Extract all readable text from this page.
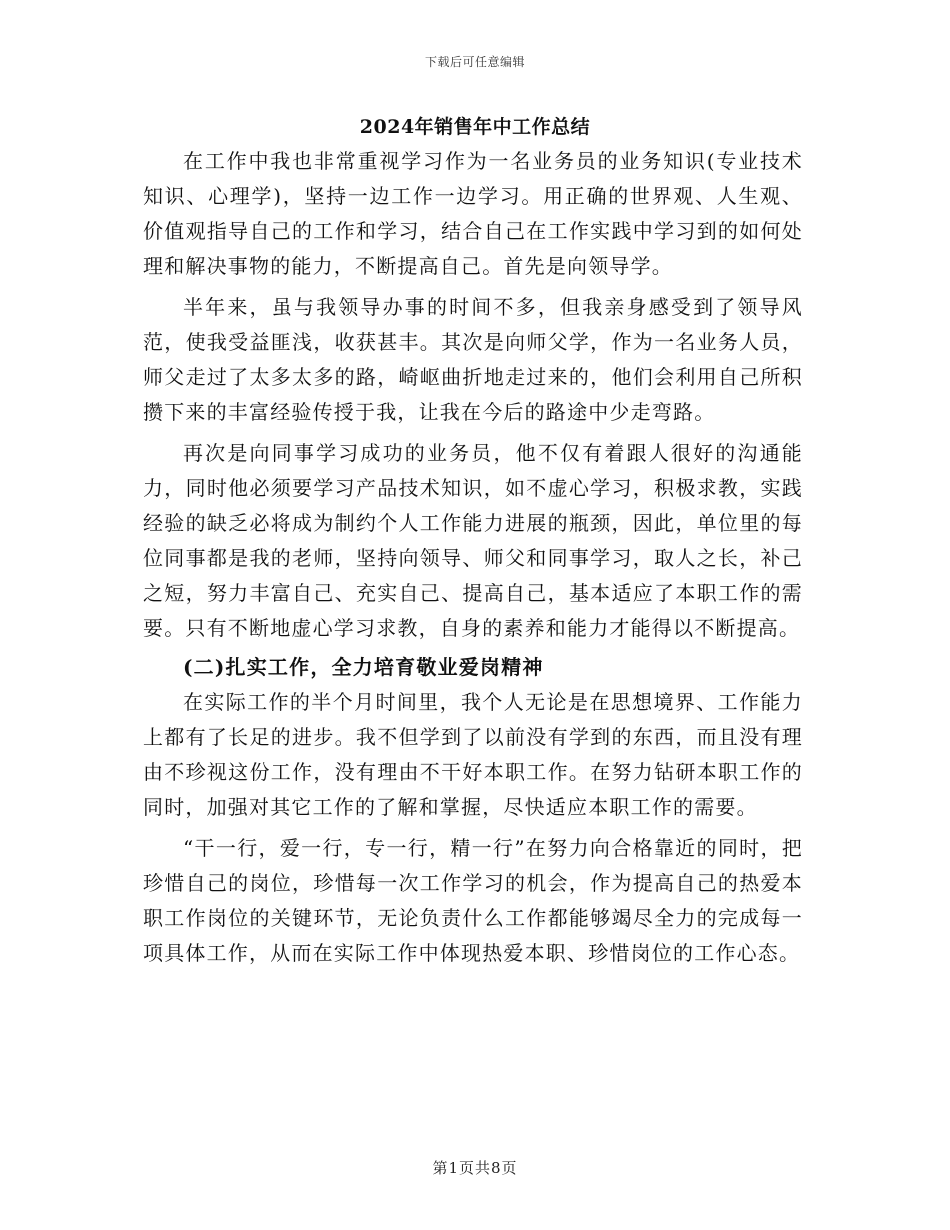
下载后可任意编辑
2024年销售年中工作总结

在工作中我也非常重视学习作为一名业务员的业务知识(专业技术知识、心理学)，坚持一边工作一边学习。用正确的世界观、人生观、价值观指导自己的工作和学习，结合自己在工作实践中学习到的如何处理和解决事物的能力，不断提高自己。首先是向领导学。

半年来，虽与我领导办事的时间不多，但我亲身感受到了领导风范，使我受益匪浅，收获甚丰。其次是向师父学，作为一名业务人员，师父走过了太多太多的路，崎岖曲折地走过来的，他们会利用自己所积攒下来的丰富经验传授于我，让我在今后的路途中少走弯路。

再次是向同事学习成功的业务员，他不仅有着跟人很好的沟通能力，同时他必须要学习产品技术知识，如不虚心学习，积极求教，实践经验的缺乏必将成为制约个人工作能力进展的瓶颈，因此，单位里的每位同事都是我的老师，坚持向领导、师父和同事学习，取人之长，补己之短，努力丰富自己、充实自己、提高自己，基本适应了本职工作的需要。只有不断地虚心学习求教，自身的素养和能力才能得以不断提高。

(二)扎实工作，全力培育敬业爱岗精神

在实际工作的半个月时间里，我个人无论是在思想境界、工作能力上都有了长足的进步。我不但学到了以前没有学到的东西，而且没有理由不珍视这份工作，没有理由不干好本职工作。在努力钻研本职工作的同时，加强对其它工作的了解和掌握，尽快适应本职工作的需要。

“干一行，爱一行，专一行，精一行”在努力向合格靠近的同时，把珍惜自己的岗位，珍惜每一次工作学习的机会，作为提高自己的热爱本职工作岗位的关键环节，无论负责什么工作都能够竭尽全力的完成每一项具体工作，从而在实际工作中体现热爱本职、珍惜岗位的工作心态。

第1页共8页
